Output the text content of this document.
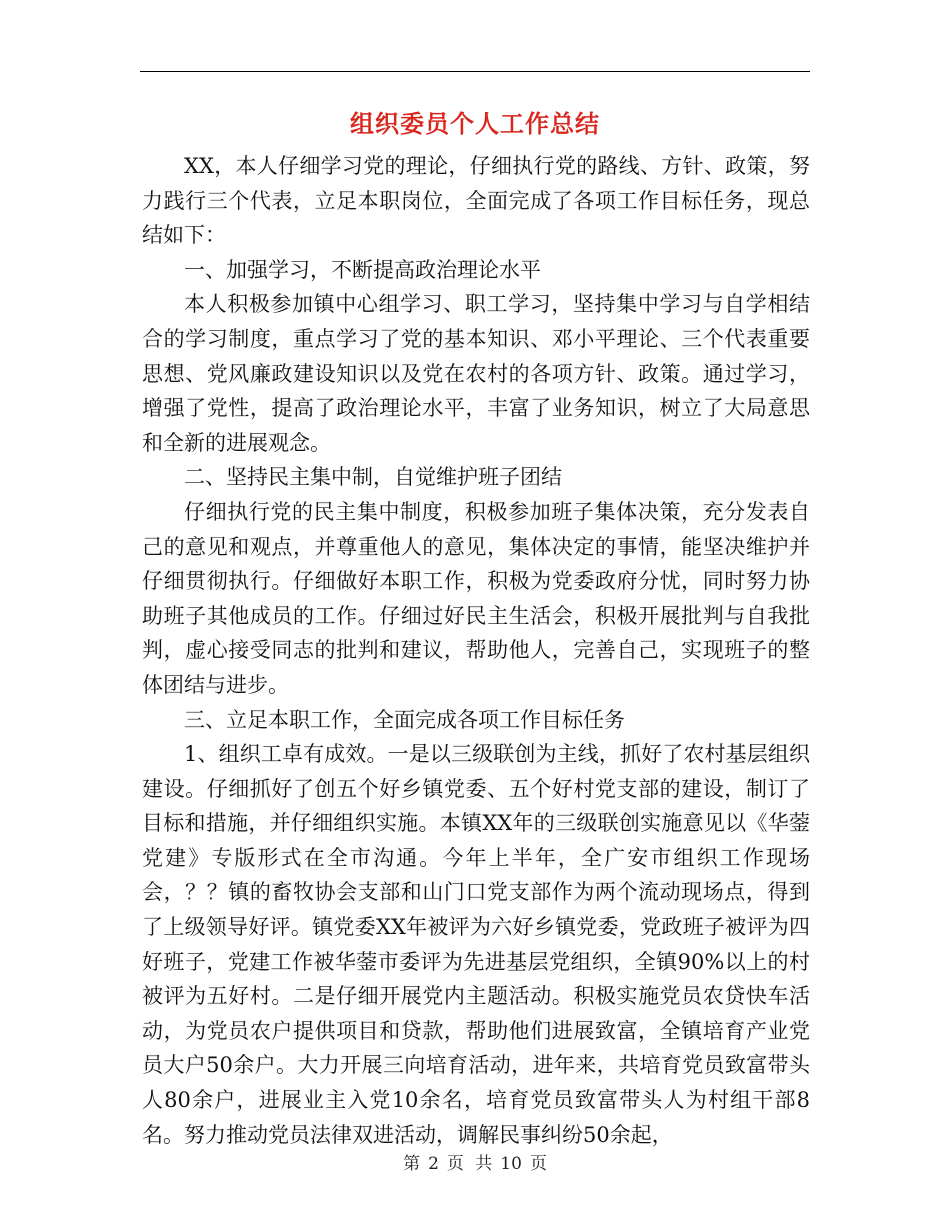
组织委员个人工作总结

XX，本人仔细学习党的理论，仔细执行党的路线、方针、政策，努力践行三个代表，立足本职岗位，全面完成了各项工作目标任务，现总结如下：

一、加强学习，不断提高政治理论水平

本人积极参加镇中心组学习、职工学习，坚持集中学习与自学相结合的学习制度，重点学习了党的基本知识、邓小平理论、三个代表重要思想、党风廉政建设知识以及党在农村的各项方针、政策。通过学习，增强了党性，提高了政治理论水平，丰富了业务知识，树立了大局意思和全新的进展观念。

二、坚持民主集中制，自觉维护班子团结

仔细执行党的民主集中制度，积极参加班子集体决策，充分发表自己的意见和观点，并尊重他人的意见，集体决定的事情，能坚决维护并仔细贯彻执行。仔细做好本职工作，积极为党委政府分忧，同时努力协助班子其他成员的工作。仔细过好民主生活会，积极开展批判与自我批判，虚心接受同志的批判和建议，帮助他人，完善自己，实现班子的整体团结与进步。

三、立足本职工作，全面完成各项工作目标任务

1、组织工卓有成效。一是以三级联创为主线，抓好了农村基层组织建设。仔细抓好了创五个好乡镇党委、五个好村党支部的建设，制订了目标和措施，并仔细组织实施。本镇XX年的三级联创实施意见以《华蓥党建》专版形式在全市沟通。今年上半年，全广安市组织工作现场会，？？镇的畜牧协会支部和山门口党支部作为两个流动现场点，得到了上级领导好评。镇党委XX年被评为六好乡镇党委，党政班子被评为四好班子，党建工作被华蓥市委评为先进基层党组织，全镇90%以上的村被评为五好村。二是仔细开展党内主题活动。积极实施党员农贷快车活动，为党员农户提供项目和贷款，帮助他们进展致富，全镇培育产业党员大户50余户。大力开展三向培育活动，进年来，共培育党员致富带头人80余户，进展业主入党10余名，培育党员致富带头人为村组干部8名。努力推动党员法律双进活动，调解民事纠纷50余起，

第 2 页 共 10 页
